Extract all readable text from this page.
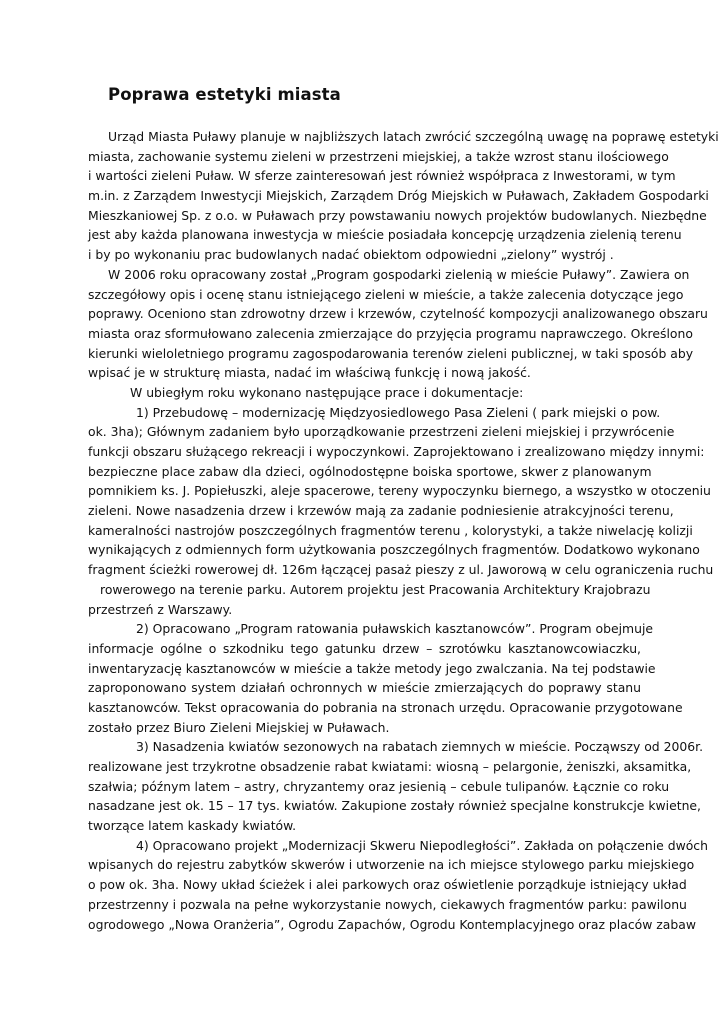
Poprawa estetyki miasta
Urząd Miasta Puławy planuje w najbliższych latach zwrócić szczególną uwagę na poprawę estetyki
miasta, zachowanie systemu zieleni w przestrzeni miejskiej, a także wzrost stanu ilościowego
i wartości zieleni Puław. W sferze zainteresowań jest również współpraca z Inwestorami, w tym
m.in. z Zarządem Inwestycji Miejskich, Zarządem Dróg Miejskich w Puławach, Zakładem Gospodarki
Mieszkaniowej Sp. z o.o. w Puławach przy powstawaniu nowych projektów budowlanych. Niezbędne
jest aby każda planowana inwestycja w mieście posiadała koncepcję urządzenia zielenią terenu
i by po wykonaniu prac budowlanych nadać obiektom odpowiedni „zielony” wystrój .
W 2006 roku opracowany został „Program gospodarki zielenią w mieście Puławy”. Zawiera on
szczegółowy opis i ocenę stanu istniejącego zieleni w mieście, a także zalecenia dotyczące jego
poprawy. Oceniono stan zdrowotny drzew i krzewów, czytelność kompozycji analizowanego obszaru
miasta oraz sformułowano zalecenia zmierzające do przyjęcia programu naprawczego. Określono
kierunki wieloletniego programu zagospodarowania terenów zieleni publicznej, w taki sposób aby
wpisać je w strukturę miasta, nadać im właściwą funkcję i nową jakość.
W ubiegłym roku wykonano następujące prace i dokumentacje:
1) Przebudowę – modernizację Międzyosiedlowego Pasa Zieleni ( park miejski o pow.
ok. 3ha); Głównym zadaniem było uporządkowanie przestrzeni zieleni miejskiej i przywrócenie
funkcji obszaru służącego rekreacji i wypoczynkowi. Zaprojektowano i zrealizowano między innymi:
bezpieczne place zabaw dla dzieci, ogólnodostępne boiska sportowe, skwer z planowanym
pomnikiem ks. J. Popiełuszki, aleje spacerowe, tereny wypoczynku biernego, a wszystko w otoczeniu
zieleni. Nowe nasadzenia drzew i krzewów mają za zadanie podniesienie atrakcyjności terenu,
kameralności nastrojów poszczególnych fragmentów terenu , kolorystyki, a także niwelację kolizji
wynikających z odmiennych form użytkowania poszczególnych fragmentów. Dodatkowo wykonano
fragment ścieżki rowerowej dł. 126m łączącej pasaż pieszy z ul. Jaworową w celu ograniczenia ruchu
rowerowego na terenie parku. Autorem projektu jest Pracowania Architektury Krajobrazu
przestrzeń z Warszawy.
2) Opracowano „Program ratowania puławskich kasztanowców”. Program obejmuje
informacje ogólne o szkodniku tego gatunku drzew – szrotówku kasztanowcowiaczku,
inwentaryzację kasztanowców w mieście a także metody jego zwalczania. Na tej podstawie
zaproponowano system działań ochronnych w mieście zmierzających do poprawy stanu
kasztanowców. Tekst opracowania do pobrania na stronach urzędu. Opracowanie przygotowane
zostało przez Biuro Zieleni Miejskiej w Puławach.
3) Nasadzenia kwiatów sezonowych na rabatach ziemnych w mieście. Począwszy od 2006r.
realizowane jest trzykrotne obsadzenie rabat kwiatami: wiosną – pelargonie, żeniszki, aksamitka,
szałwia; późnym latem – astry, chryzantemy oraz jesienią – cebule tulipanów. Łącznie co roku
nasadzane jest ok. 15 – 17 tys. kwiatów. Zakupione zostały również specjalne konstrukcje kwietne,
tworzące latem kaskady kwiatów.
4) Opracowano projekt „Modernizacji Skweru Niepodległości”. Zakłada on połączenie dwóch
wpisanych do rejestru zabytków skwerów i utworzenie na ich miejsce stylowego parku miejskiego
o pow ok. 3ha. Nowy układ ścieżek i alei parkowych oraz oświetlenie porządkuje istniejący układ
przestrzenny i pozwala na pełne wykorzystanie nowych, ciekawych fragmentów parku: pawilonu
ogrodowego „Nowa Oranżeria”, Ogrodu Zapachów, Ogrodu Kontemplacyjnego oraz placów zabaw
